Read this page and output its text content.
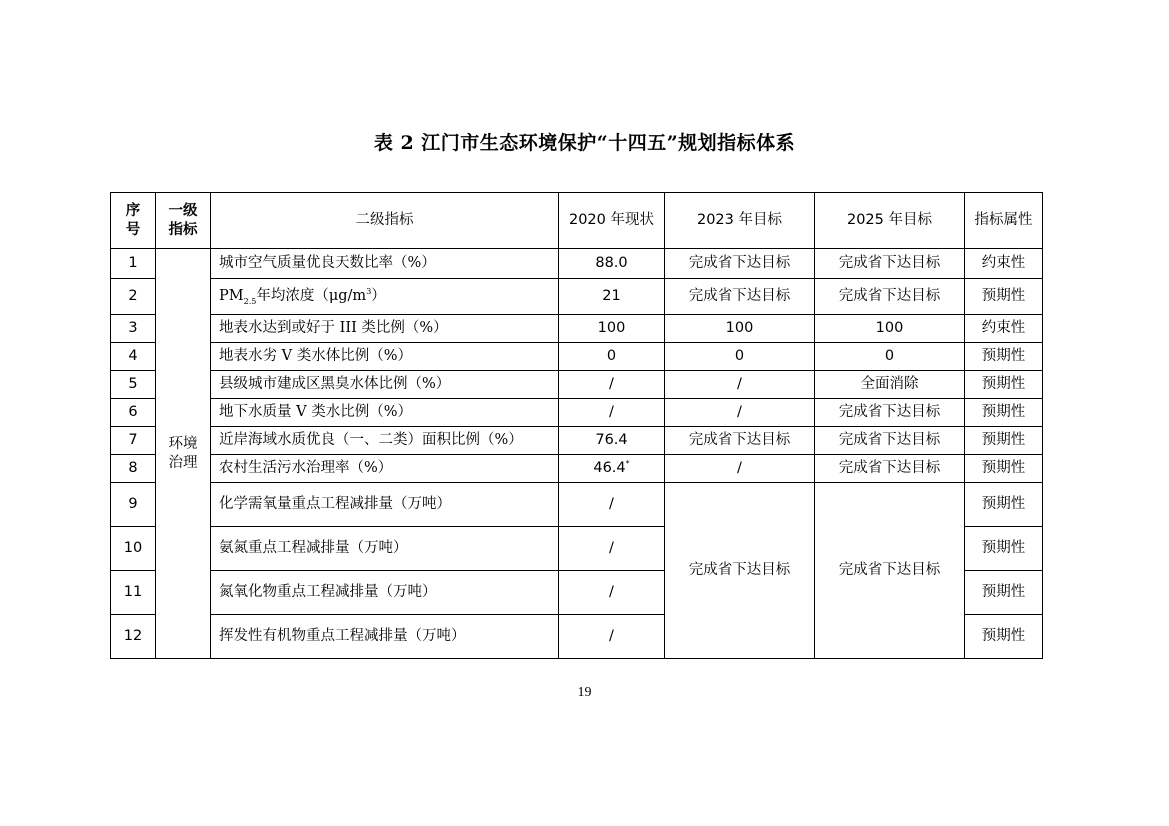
表 2 江门市生态环境保护“十四五”规划指标体系
序号	一级指标	二级指标	2020 年现状	2023 年目标	2025 年目标	指标属性
1	环境治理	城市空气质量优良天数比率（%）	88.0	完成省下达目标	完成省下达目标	约束性
2		$PM_{2.5}$年均浓度$(\mu g/m^3)$	21	完成省下达目标	完成省下达目标	预期性
3		地表水达到或好于 III 类比例（%）	100	100	100	约束性
4		地表水劣 V 类水体比例（%）	0	0	0	预期性
5		县级城市建成区黑臭水体比例（%）	/	/	全面消除	预期性
6		地下水质量 V 类水比例（%）	/	/	完成省下达目标	预期性
7		近岸海域水质优良（一、二类）面积比例（%）	76.4	完成省下达目标	完成省下达目标	预期性
8		农村生活污水治理率（%）	46.4*	/	完成省下达目标	预期性
9		化学需氧量重点工程减排量（万吨）	/	完成省下达目标	完成省下达目标	预期性
10		氨氮重点工程减排量（万吨）	/			预期性
11		氮氧化物重点工程减排量（万吨）	/			预期性
12		挥发性有机物重点工程减排量（万吨）	/			预期性
19
